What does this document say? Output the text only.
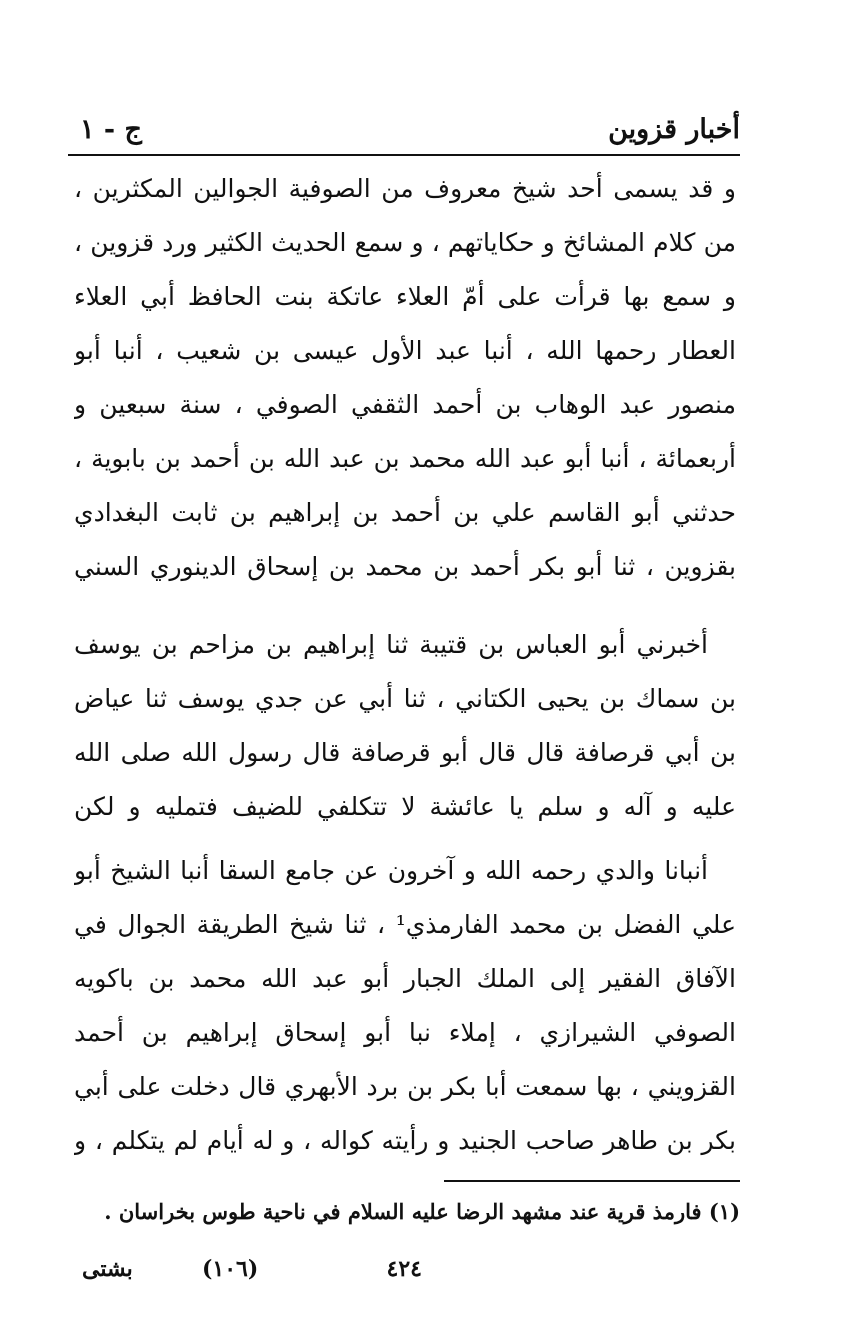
أخبار قزوين
ج - ١

و قد يسمى أحد شيخ معروف من الصوفية الجوالين المكثرين ، من كلام المشائخ و حكاياتهم ، و سمع الحديث الكثير ورد قزوين ، و سمع بها قرأت على أمّ العلاء عاتكة بنت الحافظ أبي العلاء العطار رحمها الله ، أنبا عبد الأول عيسى بن شعيب ، أنبا أبو منصور عبد الوهاب بن أحمد الثقفي الصوفي ، سنة سبعين و أربعمائة ، أنبا أبو عبد الله محمد بن عبد الله بن أحمد بن بابوية ، حدثني أبو القاسم علي بن أحمد بن إبراهيم بن ثابت البغدادي بقزوين ، ثنا أبو بكر أحمد بن محمد بن إسحاق الدينوري السني

أخبرني أبو العباس بن قتيبة ثنا إبراهيم بن مزاحم بن يوسف بن سماك بن يحيى الكتاني ، ثنا أبي عن جدي يوسف ثنا عياض بن أبي قرصافة قال قال أبو قرصافة قال رسول الله صلى الله عليه و آله و سلم يا عائشة لا تتكلفي للضيف فتمليه و لكن

أنبانا والدي رحمه الله و آخرون عن جامع السقا أنبا الشيخ أبو علي الفضل بن محمد الفارمذي¹ ، ثنا شيخ الطريقة الجوال في الآفاق الفقير إلى الملك الجبار أبو عبد الله محمد بن باكويه الصوفي الشيرازي ، إملاء نبا أبو إسحاق إبراهيم بن أحمد القزويني ، بها سمعت أبا بكر بن برد الأبهري قال دخلت على أبي بكر بن طاهر صاحب الجنيد و رأيته كواله ، و له أيام لم يتكلم ، و

(١) فارمذ قرية عند مشهد الرضا عليه السلام في ناحية طوس بخراسان .
٤٢٤
(١٠٦)
بشتى
